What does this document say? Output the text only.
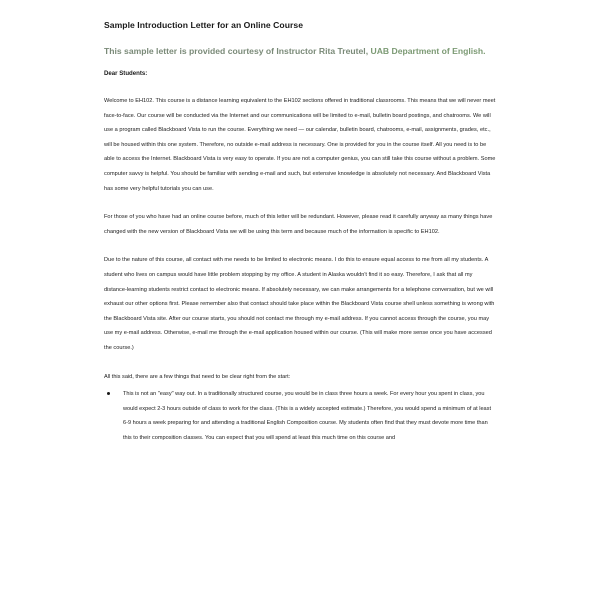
Sample Introduction Letter for an Online Course
This sample letter is provided courtesy of Instructor Rita Treutel, UAB Department of English.
Dear Students:

Welcome to EH102. This course is a distance learning equivalent to the EH102 sections offered in traditional classrooms. This means that we will never meet face-to-face. Our course will be conducted via the Internet and our communications will be limited to e-mail, bulletin board postings, and chatrooms. We will use a program called Blackboard Vista to run the course. Everything we need — our calendar, bulletin board, chatrooms, e-mail, assignments, grades, etc., will be housed within this one system. Therefore, no outside e-mail address is necessary. One is provided for you in the course itself. All you need is to be able to access the Internet. Blackboard Vista is very easy to operate. If you are not a computer genius, you can still take this course without a problem. Some computer savvy is helpful. You should be familiar with sending e-mail and such, but extensive knowledge is absolutely not necessary. And Blackboard Vista has some very helpful tutorials you can use.

For those of you who have had an online course before, much of this letter will be redundant. However, please read it carefully anyway as many things have changed with the new version of Blackboard Vista we will be using this term and because much of the information is specific to EH102.

Due to the nature of this course, all contact with me needs to be limited to electronic means. I do this to ensure equal access to me from all my students. A student who lives on campus would have little problem stopping by my office. A student in Alaska wouldn't find it so easy. Therefore, I ask that all my distance-learning students restrict contact to electronic means. If absolutely necessary, we can make arrangements for a telephone conversation, but we will exhaust our other options first. Please remember also that contact should take place within the Blackboard Vista course shell unless something is wrong with the Blackboard Vista site. After our course starts, you should not contact me through my e-mail address. If you cannot access through the course, you may use my e-mail address. Otherwise, e-mail me through the e-mail application housed within our course. (This will make more sense once you have accessed the course.)

All this said, there are a few things that need to be clear right from the start:

This is not an "easy" way out. In a traditionally structured course, you would be in class three hours a week. For every hour you spent in class, you would expect 2-3 hours outside of class to work for the class. (This is a widely accepted estimate.) Therefore, you would spend a minimum of at least 6-9 hours a week preparing for and attending a traditional English Composition course. My students often find that they must devote more time than this to their composition classes. You can expect that you will spend at least this much time on this course and
